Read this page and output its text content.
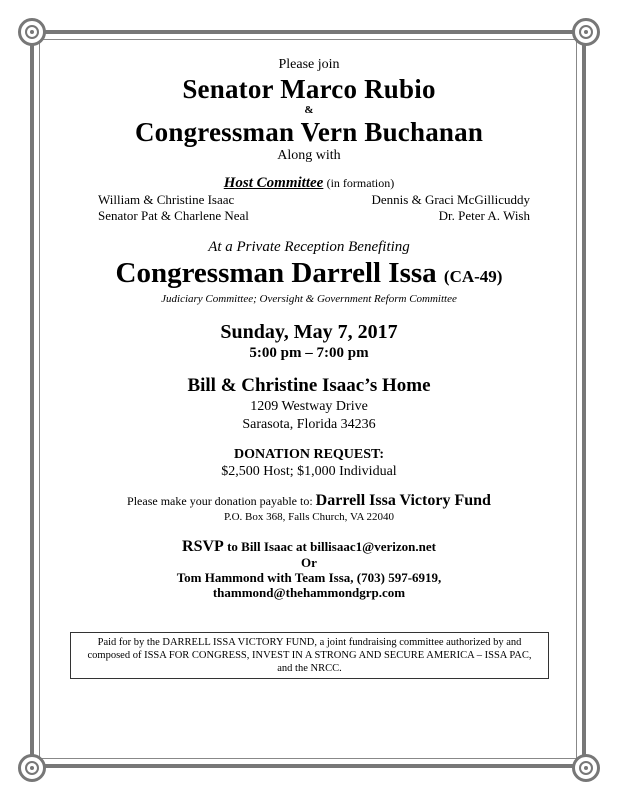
Please join
Senator Marco Rubio
&
Congressman Vern Buchanan
Along with
Host Committee (in formation)
William & Christine Isaac	Dennis & Graci McGillicuddy
Senator Pat & Charlene Neal	Dr. Peter A. Wish
At a Private Reception Benefiting
Congressman Darrell Issa (CA-49)
Judiciary Committee; Oversight & Government Reform Committee
Sunday, May 7, 2017
5:00 pm – 7:00 pm
Bill & Christine Isaac’s Home
1209 Westway Drive
Sarasota, Florida 34236
DONATION REQUEST:
$2,500 Host; $1,000 Individual
Please make your donation payable to: Darrell Issa Victory Fund
P.O. Box 368, Falls Church, VA 22040
RSVP to Bill Isaac at billisaac1@verizon.net
Or
Tom Hammond with Team Issa, (703) 597-6919,
thammond@thehammondgrp.com
Paid for by the DARRELL ISSA VICTORY FUND, a joint fundraising committee authorized by and composed of ISSA FOR CONGRESS, INVEST IN A STRONG AND SECURE AMERICA – ISSA PAC, and the NRCC.
